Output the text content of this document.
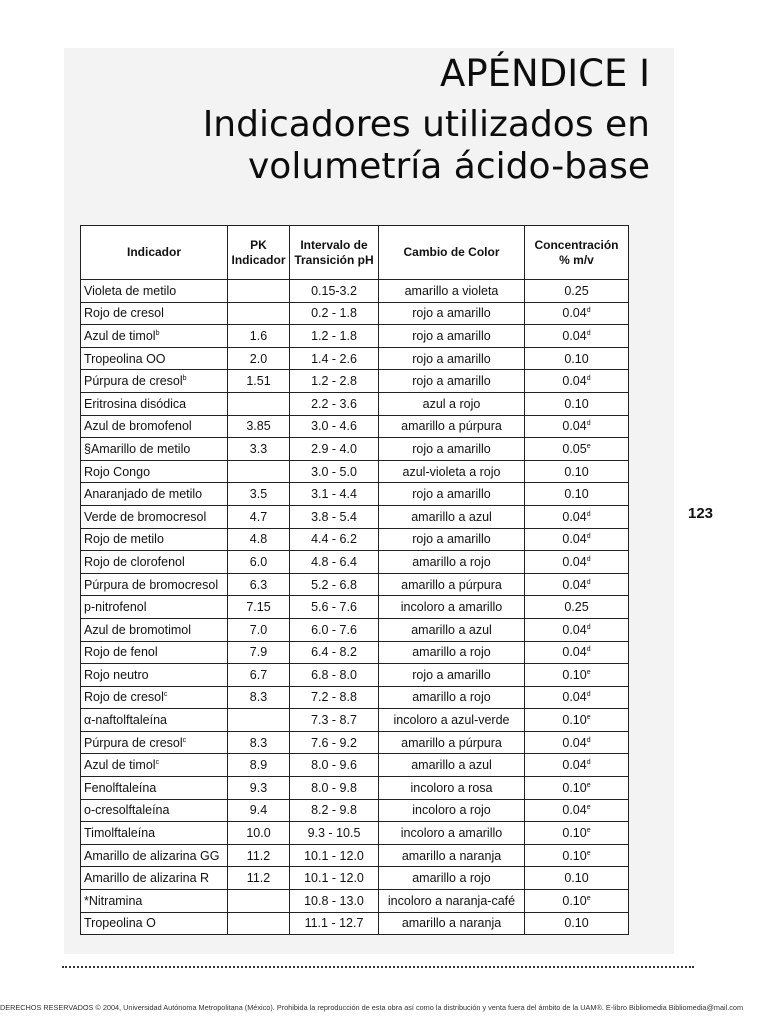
APÉNDICE I
Indicadores utilizados en
volumetría ácido-base
Indicador	PK Indicador	Intervalo de Transición pH	Cambio de Color	Concentración % m/v
Violeta de metilo		0.15-3.2	amarillo a violeta	0.25
Rojo de cresol		0.2 - 1.8	rojo a amarillo	0.04$^d$
Azul de timol$^b$	1.6	1.2 - 1.8	rojo a amarillo	0.04$^d$
Tropeolina OO	2.0	1.4 - 2.6	rojo a amarillo	0.10
Púrpura de cresol$^b$	1.51	1.2 - 2.8	rojo a amarillo	0.04$^d$
Eritrosina disódica		2.2 - 3.6	azul a rojo	0.10
Azul de bromofenol	3.85	3.0 - 4.6	amarillo a púrpura	0.04$^d$
§Amarillo de metilo	3.3	2.9 - 4.0	rojo a amarillo	0.05e
Rojo Congo		3.0 - 5.0	azul-violeta a rojo	0.10
Anaranjado de metilo	3.5	3.1 - 4.4	rojo a amarillo	0.10
Verde de bromocresol	4.7	3.8 - 5.4	amarillo a azul	0.04$^d$
Rojo de metilo	4.8	4.4 - 6.2	rojo a amarillo	0.04$^d$
Rojo de clorofenol	6.0	4.8 - 6.4	amarillo a rojo	0.04$^d$
Púrpura de bromocresol	6.3	5.2 - 6.8	amarillo a púrpura	0.04$^d$
p-nitrofenol	7.15	5.6 - 7.6	incoloro a amarillo	0.25
Azul de bromotimol	7.0	6.0 - 7.6	amarillo a azul	0.04$^d$
Rojo de fenol	7.9	6.4 - 8.2	amarillo a rojo	0.04$^d$
Rojo neutro	6.7	6.8 - 8.0	rojo a amarillo	0.10e
Rojo de cresol$^c$	8.3	7.2 - 8.8	amarillo a rojo	0.04$^d$
α-naftolftaleína		7.3 - 8.7	incoloro a azul-verde	0.10e
Púrpura de cresol$^c$	8.3	7.6 - 9.2	amarillo a púrpura	0.04$^d$
Azul de timol$^c$	8.9	8.0 - 9.6	amarillo a azul	0.04$^d$
Fenolftaleína	9.3	8.0 - 9.8	incoloro a rosa	0.10e
o-cresolftaleína	9.4	8.2 - 9.8	incoloro a rojo	0.04e
Timolftaleína	10.0	9.3 - 10.5	incoloro a amarillo	0.10e
Amarillo de alizarina GG	11.2	10.1 - 12.0	amarillo a naranja	0.10e
Amarillo de alizarina R	11.2	10.1 - 12.0	amarillo a rojo	0.10
*Nitramina		10.8 - 13.0	incoloro a naranja-café	0.10e
Tropeolina O		11.1 - 12.7	amarillo a naranja	0.10
123
DERECHOS RESERVADOS © 2004, Universidad Autónoma Metropolitana (México). Prohibida la reproducción de esta obra así como la distribución y venta fuera del ámbito de la UAM®. E-libro Bibliomedia Bibliomedia@mail.com
